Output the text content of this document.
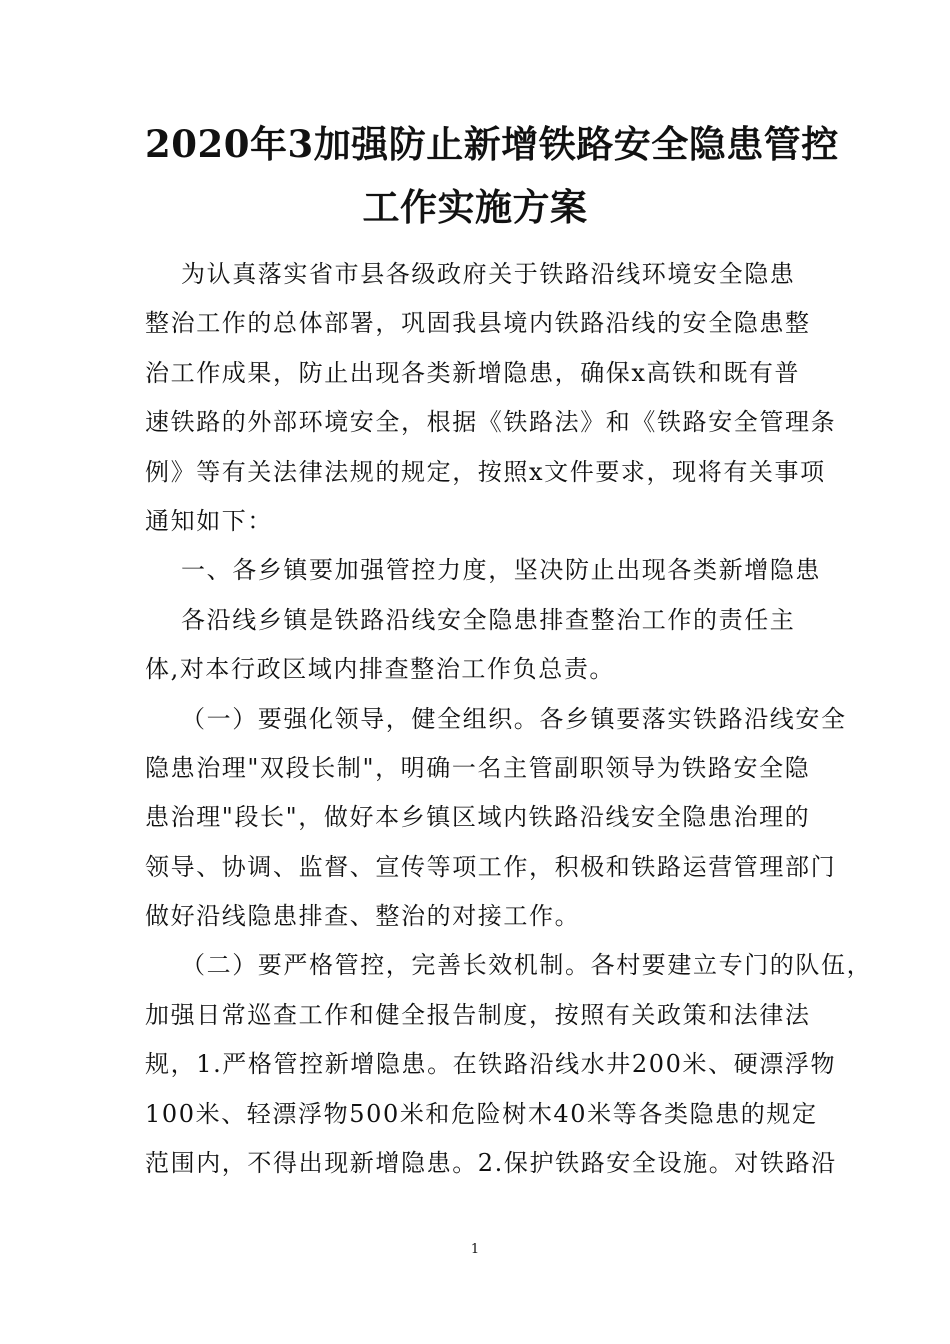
2020年3加强防止新增铁路安全隐患管控
工作实施方案
为认真落实省市县各级政府关于铁路沿线环境安全隐患
整治工作的总体部署，巩固我县境内铁路沿线的安全隐患整
治工作成果，防止出现各类新增隐患，确保x高铁和既有普
速铁路的外部环境安全，根据《铁路法》和《铁路安全管理条
例》等有关法律法规的规定，按照x文件要求，现将有关事项
通知如下：
一、各乡镇要加强管控力度，坚决防止出现各类新增隐患
各沿线乡镇是铁路沿线安全隐患排查整治工作的责任主
体,对本行政区域内排查整治工作负总责。
（一）要强化领导，健全组织。各乡镇要落实铁路沿线安全
隐患治理"双段长制"，明确一名主管副职领导为铁路安全隐
患治理"段长"，做好本乡镇区域内铁路沿线安全隐患治理的
领导、协调、监督、宣传等项工作，积极和铁路运营管理部门
做好沿线隐患排查、整治的对接工作。
（二）要严格管控，完善长效机制。各村要建立专门的队伍，
加强日常巡查工作和健全报告制度，按照有关政策和法律法
规，1.严格管控新增隐患。在铁路沿线水井200米、硬漂浮物
100米、轻漂浮物500米和危险树木40米等各类隐患的规定
范围内，不得出现新增隐患。2.保护铁路安全设施。对铁路沿
1
